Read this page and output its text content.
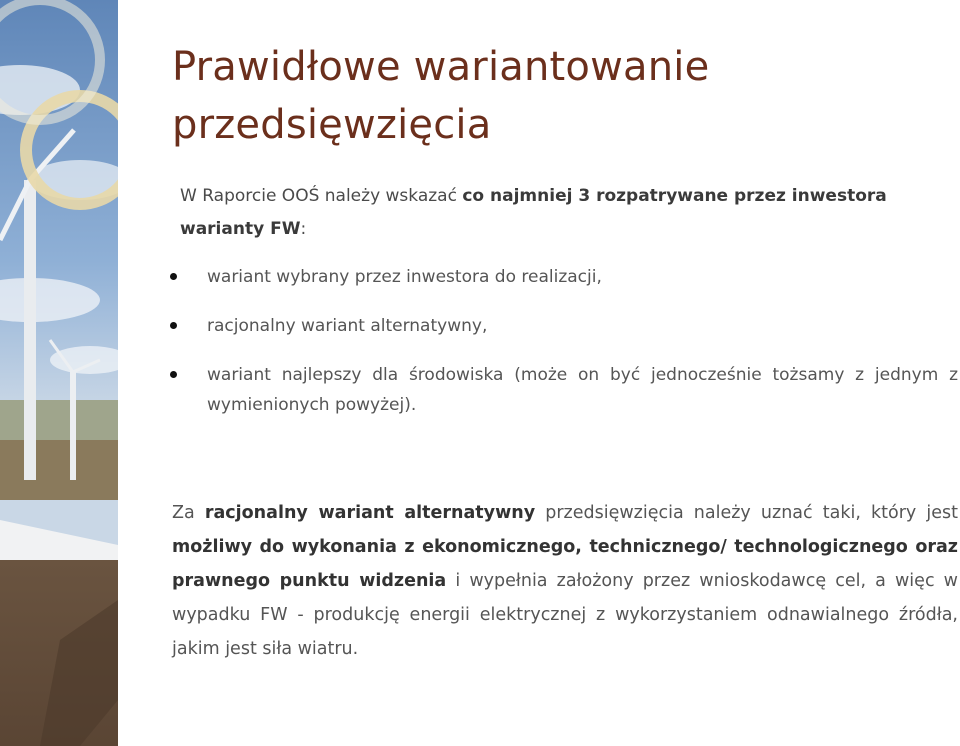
Prawidłowe wariantowanie przedsięwzięcia
W Raporcie OOŚ należy wskazać co najmniej 3 rozpatrywane przez inwestora warianty FW:
wariant wybrany przez inwestora do realizacji,
racjonalny wariant alternatywny,
wariant najlepszy dla środowiska (może on być jednocześnie tożsamy z jednym z wymienionych powyżej).
Za racjonalny wariant alternatywny przedsięwzięcia należy uznać taki, który jest możliwy do wykonania z ekonomicznego, technicznego/ technologicznego oraz prawnego punktu widzenia i wypełnia założony przez wnioskodawcę cel, a więc w wypadku FW - produkcję energii elektrycznej z wykorzystaniem odnawialnego źródła, jakim jest siła wiatru.
